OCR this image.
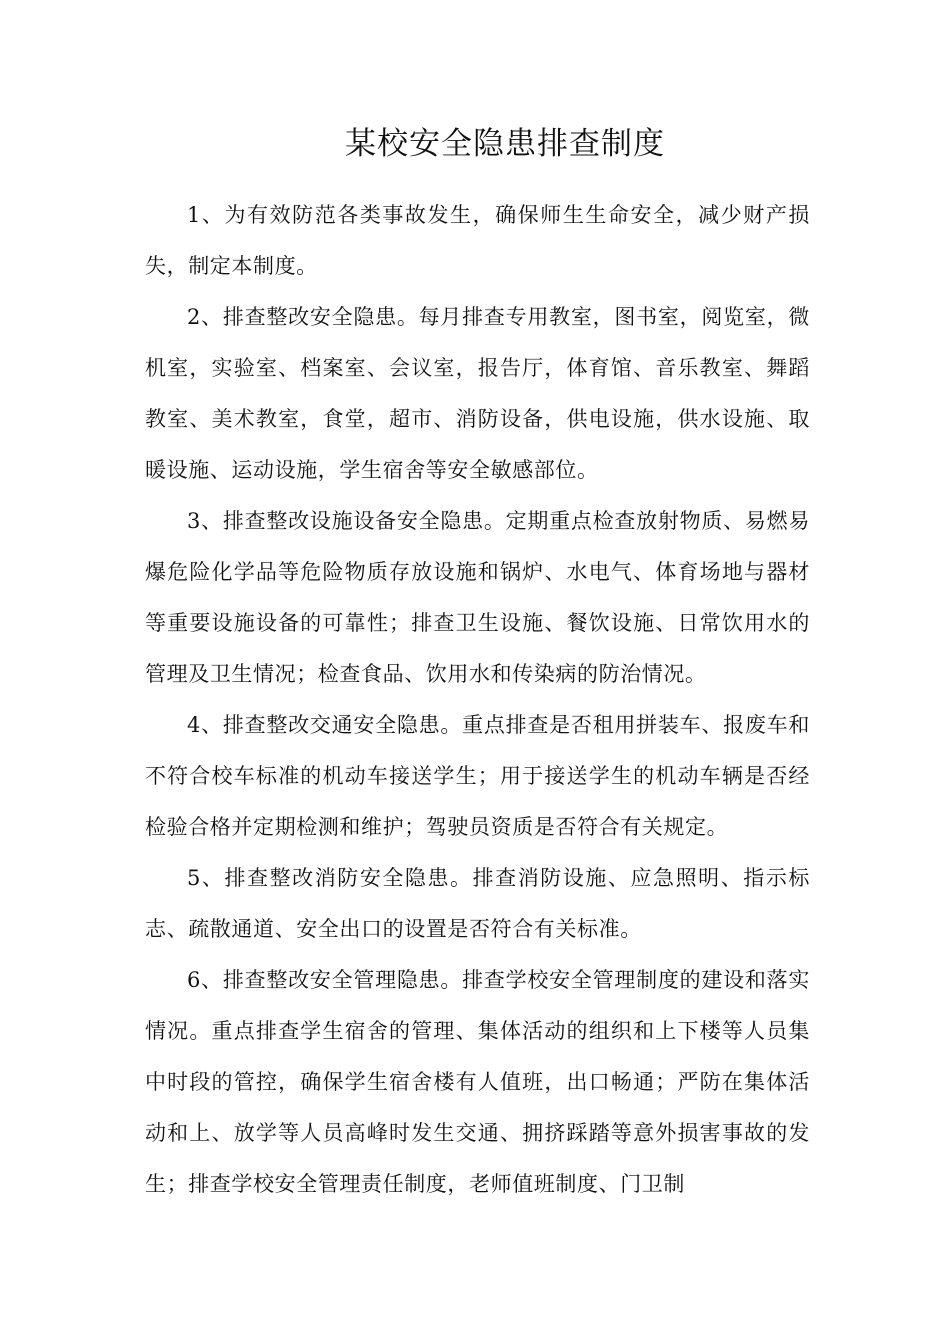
某校安全隐患排查制度

1、为有效防范各类事故发生，确保师生生命安全，减少财产损失，制定本制度。

2、排查整改安全隐患。每月排查专用教室，图书室，阅览室，微机室，实验室、档案室、会议室，报告厅，体育馆、音乐教室、舞蹈教室、美术教室，食堂，超市、消防设备，供电设施，供水设施、取暖设施、运动设施，学生宿舍等安全敏感部位。

3、排查整改设施设备安全隐患。定期重点检查放射物质、易燃易爆危险化学品等危险物质存放设施和锅炉、水电气、体育场地与器材等重要设施设备的可靠性；排查卫生设施、餐饮设施、日常饮用水的管理及卫生情况；检查食品、饮用水和传染病的防治情况。

4、排查整改交通安全隐患。重点排查是否租用拼装车、报废车和不符合校车标准的机动车接送学生；用于接送学生的机动车辆是否经检验合格并定期检测和维护；驾驶员资质是否符合有关规定。

5、排查整改消防安全隐患。排查消防设施、应急照明、指示标志、疏散通道、安全出口的设置是否符合有关标准。

6、排查整改安全管理隐患。排查学校安全管理制度的建设和落实情况。重点排查学生宿舍的管理、集体活动的组织和上下楼等人员集中时段的管控，确保学生宿舍楼有人值班，出口畅通；严防在集体活动和上、放学等人员高峰时发生交通、拥挤踩踏等意外损害事故的发生；排查学校安全管理责任制度，老师值班制度、门卫制
